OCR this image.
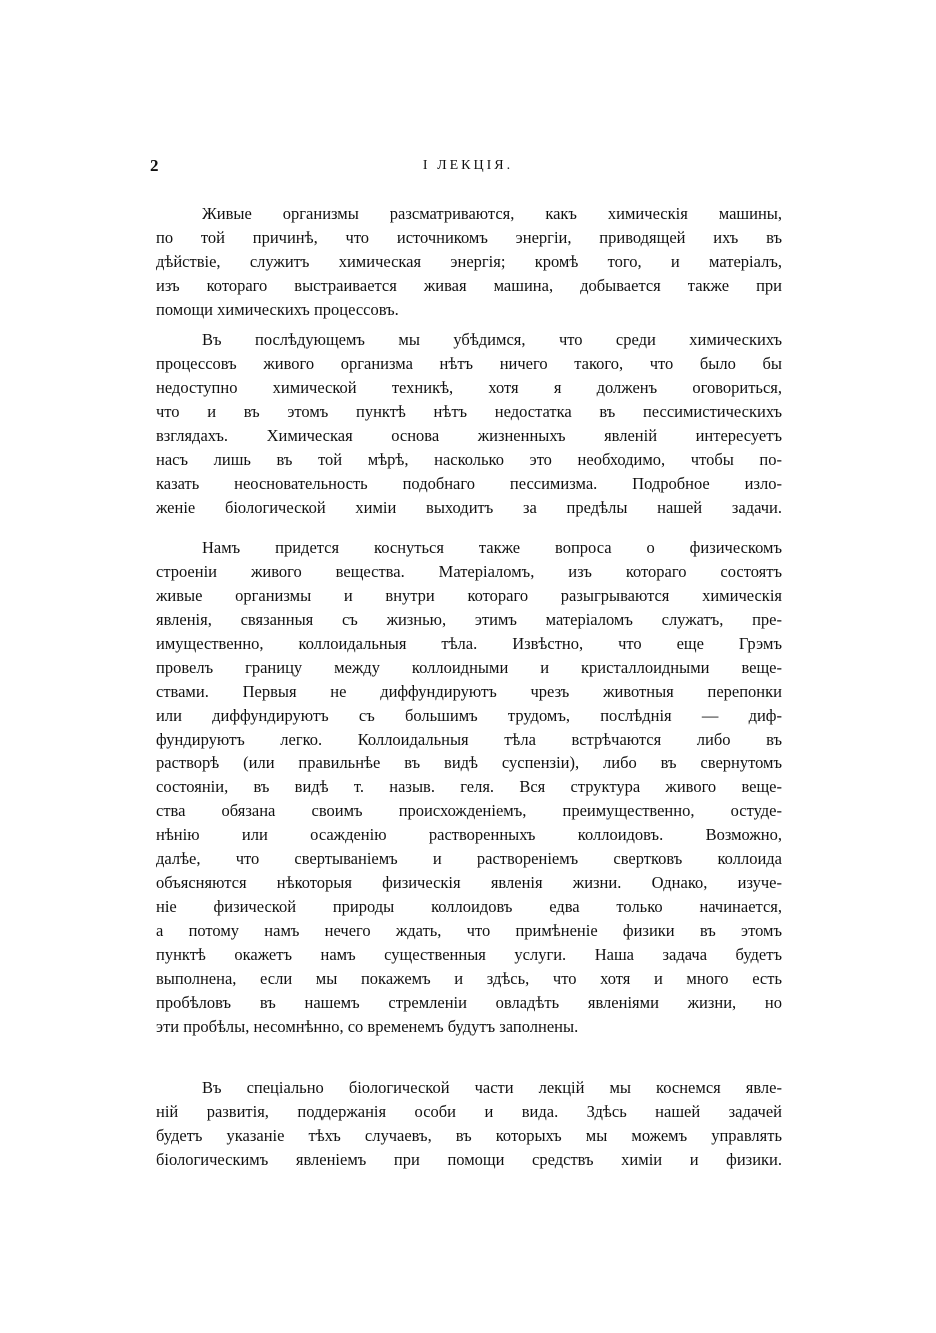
2	I ЛЕКЦІЯ.
Живые организмы разсматриваются, какъ химическія машины,
по той причинѣ, что источникомъ энергіи, приводящей ихъ въ
дѣйствіе, служитъ химическая энергія; кромѣ того, и матеріалъ,
изъ котораго выстраивается живая машина, добывается также при
помощи химическихъ процессовъ.
Въ послѣдующемъ мы убѣдимся, что среди химическихъ
процессовъ живого организма нѣтъ ничего такого, что было бы
недоступно химической техникѣ, хотя я долженъ оговориться,
что и въ этомъ пунктѣ нѣтъ недостатка въ пессимистическихъ
взглядахъ. Химическая основа жизненныхъ явленій интересуетъ
насъ лишь въ той мѣрѣ, насколько это необходимо, чтобы по-
казать неосновательность подобнаго пессимизма. Подробное изло-
женіе біологической химіи выходитъ за предѣлы нашей задачи.
Намъ придется коснуться также вопроса о физическомъ
строеніи живого вещества. Матеріаломъ, изъ котораго состоятъ
живые организмы и внутри котораго разыгрываются химическія
явленія, связанныя съ жизнью, этимъ матеріаломъ служатъ, пре-
имущественно, коллоидальныя тѣла. Извѣстно, что еще Грэмъ
провелъ границу между коллоидными и кристаллоидными веще-
ствами. Первыя не диффундируютъ чрезъ животныя перепонки
или диффундируютъ съ большимъ трудомъ, послѣднія — диф-
фундируютъ легко. Коллоидальныя тѣла встрѣчаются либо въ
растворѣ (или правильнѣе въ видѣ суспензіи), либо въ свернутомъ
состояніи, въ видѣ т. назыв. геля. Вся структура живого веще-
ства обязана своимъ происхожденіемъ, преимущественно, остуде-
нѣнію или осажденію растворенныхъ коллоидовъ. Возможно,
далѣе, что свертываніемъ и раствореніемъ свертковъ коллоида
объясняются нѣкоторыя физическія явленія жизни. Однако, изуче-
ніе физической природы коллоидовъ едва только начинается,
а потому намъ нечего ждать, что примѣненіе физики въ этомъ
пунктѣ окажетъ намъ существенныя услуги. Наша задача будетъ
выполнена, если мы покажемъ и здѣсь, что хотя и много есть
пробѣловъ въ нашемъ стремленіи овладѣть явленіями жизни, но
эти пробѣлы, несомнѣнно, со временемъ будутъ заполнены.
Въ спеціально біологической части лекцій мы коснемся явле-
ній развитія, поддержанія особи и вида. Здѣсь нашей задачей
будетъ указаніе тѣхъ случаевъ, въ которыхъ мы можемъ управлять
біологическимъ явленіемъ при помощи средствъ химіи и физики.
